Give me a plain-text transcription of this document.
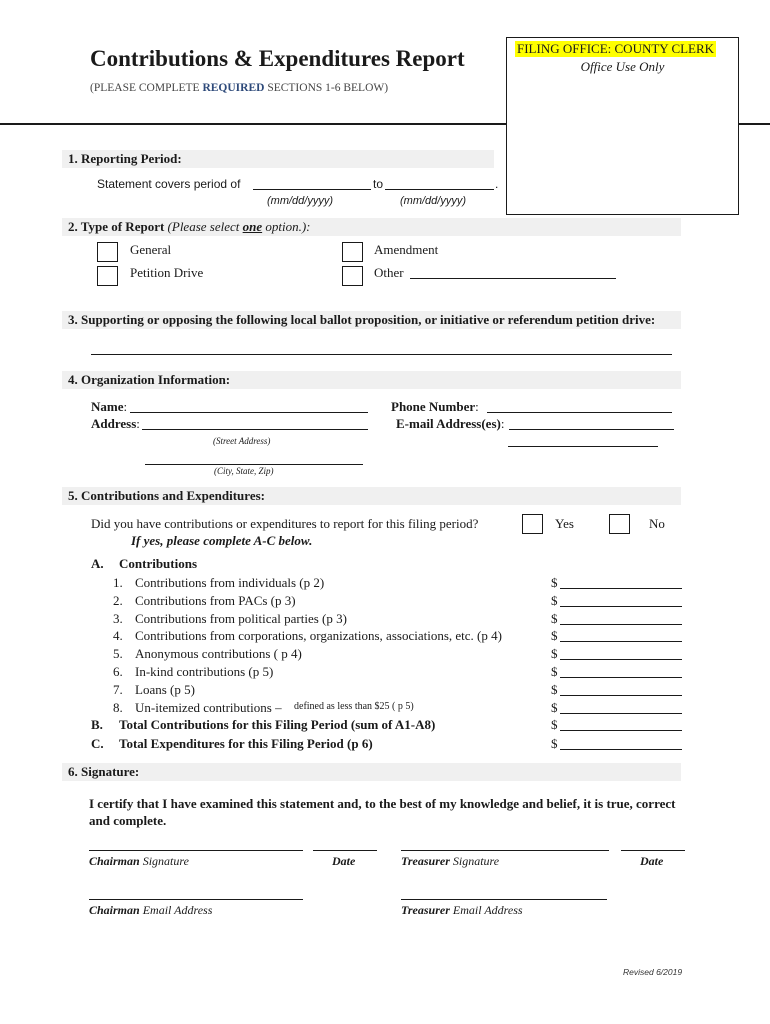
Contributions & Expenditures Report
(PLEASE COMPLETE REQUIRED SECTIONS 1-6 BELOW)
FILING OFFICE: COUNTY CLERK
Office Use Only
1. Reporting Period:
Statement covers period of	to	.
(mm/dd/yyyy)	(mm/dd/yyyy)
2. Type of Report (Please select one option.):
General	Amendment
Petition Drive	Other
3. Supporting or opposing the following local ballot proposition, or initiative or referendum petition drive:
4. Organization Information:
Name:
Address:
(Street Address)
(City, State, Zip)
Phone Number:
E-mail Address(es):
5. Contributions and Expenditures:
Did you have contributions or expenditures to report for this filing period?	Yes	No
If yes, please complete A-C below.
A. Contributions
1. Contributions from individuals (p 2)	$
2. Contributions from PACs (p 3)	$
3. Contributions from political parties (p 3)	$
4. Contributions from corporations, organizations, associations, etc. (p 4)	$
5. Anonymous contributions ( p 4)	$
6. In-kind contributions (p 5)	$
7. Loans (p 5)	$
8. Un-itemized contributions –	$
defined as less than $25 ( p 5)
B. Total Contributions for this Filing Period (sum of A1-A8)	$
C. Total Expenditures for this Filing Period (p 6)	$
6. Signature:
I certify that I have examined this statement and, to the best of my knowledge and belief, it is true, correct and complete.
Chairman Signature	Date	Treasurer Signature	Date
Chairman Email Address	Treasurer Email Address
Revised 6/2019
